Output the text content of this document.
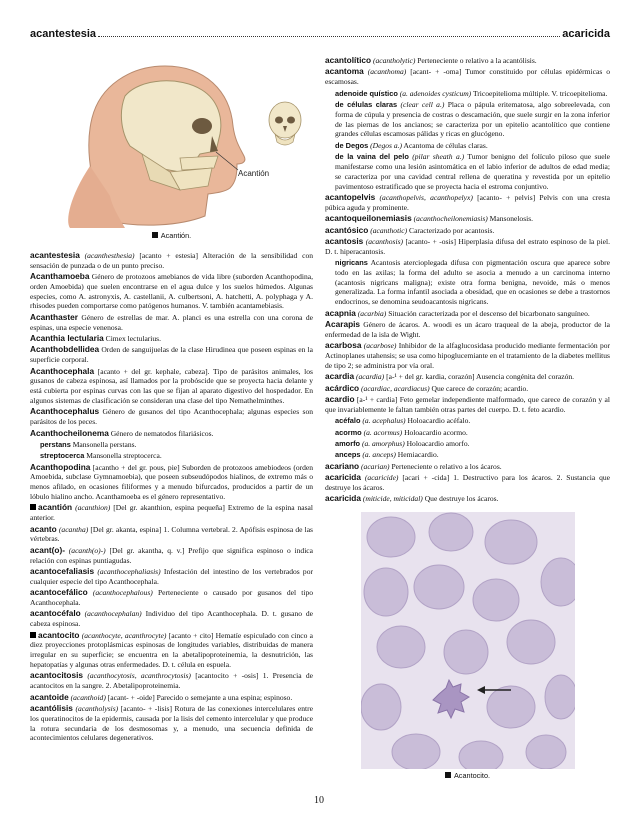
acantestesia	acaricida
Acantión
Acantión.
acantestesia (acanthesthesia) [acanto + estesia] Alteración de la sensibilidad con sensación de punzada o de un punto preciso.
Acanthamoeba Género de protozoos amebianos de vida libre (suborden Acanthopodina, orden Amoebida) que suelen encontrarse en el agua dulce y los suelos húmedos. Algunas especies, como A. astronyxis, A. castellanii, A. culbertsoni, A. hatchetti, A. polyphaga y A. rhisodes pueden comportarse como patógenos humanos. V. también acantamebiasis.
Acanthaster Género de estrellas de mar. A. planci es una estrella con una corona de espinas, una especie venenosa.
Acanthia lectularia Cimex lectularius.
Acanthobdellidea Orden de sanguijuelas de la clase Hirudinea que poseen espinas en la superficie corporal.
Acanthocephala [acanto + del gr. kephale, cabeza]. Tipo de parásitos animales, los gusanos de cabeza espinosa, así llamados por la probóscide que se proyecta hacia delante y está cubierta por espinas curvas con las que se fijan al aparato digestivo del hospedador. En algunos sistemas de clasificación se consideran una clase del tipo Nemathelminthes.
Acanthocephalus Género de gusanos del tipo Acanthocephala; algunas especies son parásitos de los peces.
Acanthocheilonema Género de nematodos filariásicos.
perstans Mansonella perstans.
streptocerca Mansonella streptocerca.
Acanthopodina [acantho + del gr. pous, pie] Suborden de protozoos amebiodeos (orden Amoebida, subclase Gymnamoebia), que poseen subseudópodos hialinos, de extremo más o menos afilado, en ocasiones filiformes y a menudo bifurcados, producidos a partir de un lóbulo hialino ancho. Acanthamoeba es el género representativo.
acantión (acanthion) [Del gr. akanthion, espina pequeña] Extremo de la espina nasal anterior.
acanto (acantha) [Del gr. akanta, espina] 1. Columna vertebral. 2. Apófisis espinosa de las vértebras.
acant(o)- (acanth(o)-) [Del gr. akantha, q. v.] Prefijo que significa espinoso o indica relación con espinas puntiagudas.
acantocefaliasis (acanthocephaliasis) Infestación del intestino de los vertebrados por cualquier especie del tipo Acanthocephala.
acantocefálico (acanthocephalous) Perteneciente o causado por gusanos del tipo Acanthocephala.
acantocéfalo (acanthocephalan) Individuo del tipo Acanthocephala. D. t. gusano de cabeza espinosa.
acantocito (acanthocyte, acanthrocyte) [acanto + cito] Hematíe espiculado con cinco a diez proyecciones protoplásmicas espinosas de longitudes variables, distribuidas de manera irregular en su superficie; se encuentra en la abetalipoproteinemia, la desnutrición, las hepatopatías y algunas otras enfermedades. D. t. célula en espuela.
acantocitosis (acanthocytosis, acanthrocytosis) [acantocito + -osis] 1. Presencia de acantocitos en la sangre. 2. Abetalipoproteinemia.
acantoide (acanthoid) [acant- + -oide] Parecido o semejante a una espina; espinoso.
acantólisis (acantholysis) [acanto- + -lisis] Rotura de las conexiones intercelulares entre los queratinocitos de la epidermis, causada por la lisis del cemento intercelular y que produce la rotura secundaria de los desmosomas y, a menudo, una secuencia definida de acontecimientos celulares degenerativos.
acantolítico (acantholytic) Perteneciente o relativo a la acantólisis.
acantoma (acanthoma) [acant- + -oma] Tumor constituido por células epidérmicas o escamosas.
adenoide quístico (a. adenoides cysticum) Tricoepitelioma múltiple. V. tricoepitelioma.
de células claras (clear cell a.) Placa o pápula eritematosa, algo sobreelevada, con forma de cúpula y presencia de costras o descamación, que suele surgir en la zona inferior de las piernas de los ancianos; se caracteriza por un epitelio acantolítico que contiene grandes células escamosas pálidas y ricas en glucógeno.
de Degos (Degos a.) Acantoma de células claras.
de la vaina del pelo (pilar sheath a.) Tumor benigno del folículo piloso que suele manifestarse como una lesión asintomática en el labio inferior de adultos de edad media; se caracteriza por una cavidad central rellena de queratina y revestida por un epitelio pavimentoso estratificado que se proyecta hacia el estroma conjuntivo.
acantopelvis (acanthopelvis, acanthopelyx) [acanto- + pelvis] Pelvis con una cresta púbica aguda y prominente.
acantoqueilonemiasis (acanthocheilonemiasis) Mansonelosis.
acantósico (acanthotic) Caracterizado por acantosis.
acantosis (acanthosis) [acanto- + -osis] Hiperplasia difusa del estrato espinoso de la piel. D. t. hiperacantosis.
nigricans Acantosis atercioplegada difusa con pigmentación oscura que aparece sobre todo en las axilas; la forma del adulto se asocia a menudo a un carcinoma interno (acantosis nigricans maligna); existe otra forma benigna, nevoide, más o menos generalizada. La forma infantil asociada a obesidad, que en ocasiones se debe a trastornos endocrinos, se denomina seudoacantosis nigricans.
acapnia (acarbia) Situación caracterizada por el descenso del bicarbonato sanguíneo.
Acarapis Género de ácaros. A. woodi es un ácaro traqueal de la abeja, productor de la enfermedad de la isla de Wight.
acarbosa (acarbose) Inhibidor de la alfaglucosidasa producido mediante fermentación por Actinoplanes utahensis; se usa como hipoglucemiante en el tratamiento de la diabetes mellitus de tipo 2; se administra por vía oral.
acardia (acardia) [a-¹ + del gr. kardia, corazón] Ausencia congénita del corazón.
acárdico (acardiac, acardiacus) Que carece de corazón; acardio.
acardio [a-¹ + cardia] Feto gemelar independiente malformado, que carece de corazón y al que invariablemente le faltan también otras partes del cuerpo. D. t. feto acardio.
acéfalo (a. acephalus) Holoacardio acéfalo.
acormo (a. acormus) Holoacardio acormo.
amorfo (a. amorphus) Holoacardio amorfo.
anceps (a. anceps) Hemiacardio.
acariano (acarian) Perteneciente o relativo a los ácaros.
acaricida (acaricide) [acari + -cida] 1. Destructivo para los ácaros. 2. Sustancia que destruye los ácaros.
acaricida (miticide, miticidal) Que destruye los ácaros.
Acantocito.
10
